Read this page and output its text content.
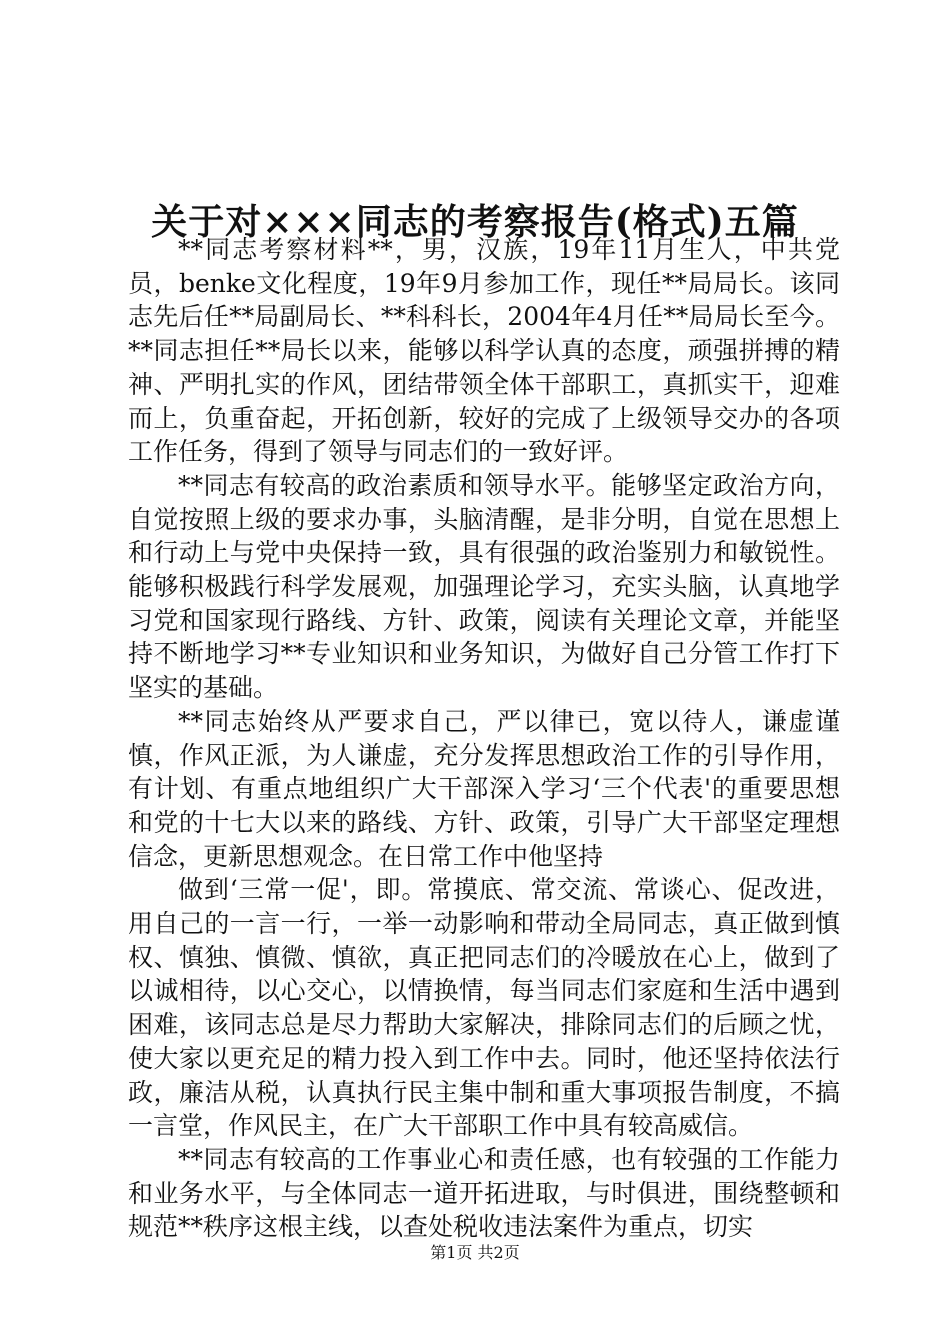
关于对×××同志的考察报告(格式)五篇

**同志考察材料**，男，汉族，19年11月生人，中共党员，benke文化程度，19年9月参加工作，现任**局局长。该同志先后任**局副局长、**科科长，2004年4月任**局局长至今。**同志担任**局长以来，能够以科学认真的态度，顽强拼搏的精神、严明扎实的作风，团结带领全体干部职工，真抓实干，迎难而上，负重奋起，开拓创新，较好的完成了上级领导交办的各项工作任务，得到了领导与同志们的一致好评。

**同志有较高的政治素质和领导水平。能够坚定政治方向，自觉按照上级的要求办事，头脑清醒，是非分明，自觉在思想上和行动上与党中央保持一致，具有很强的政治鉴别力和敏锐性。能够积极践行科学发展观，加强理论学习，充实头脑，认真地学习党和国家现行路线、方针、政策，阅读有关理论文章，并能坚持不断地学习**专业知识和业务知识，为做好自己分管工作打下坚实的基础。

**同志始终从严要求自己，严以律已，宽以待人，谦虚谨慎，作风正派，为人谦虚，充分发挥思想政治工作的引导作用，有计划、有重点地组织广大干部深入学习‘三个代表'的重要思想和党的十七大以来的路线、方针、政策，引导广大干部坚定理想信念，更新思想观念。在日常工作中他坚持

做到‘三常一促'，即。常摸底、常交流、常谈心、促改进，用自己的一言一行，一举一动影响和带动全局同志，真正做到慎权、慎独、慎微、慎欲，真正把同志们的冷暖放在心上，做到了以诚相待，以心交心，以情换情，每当同志们家庭和生活中遇到困难，该同志总是尽力帮助大家解决，排除同志们的后顾之忧，使大家以更充足的精力投入到工作中去。同时，他还坚持依法行政，廉洁从税，认真执行民主集中制和重大事项报告制度，不搞一言堂，作风民主，在广大干部职工作中具有较高威信。

**同志有较高的工作事业心和责任感，也有较强的工作能力和业务水平，与全体同志一道开拓进取，与时俱进，围绕整顿和规范**秩序这根主线，以查处税收违法案件为重点，切实

第1页 共2页
